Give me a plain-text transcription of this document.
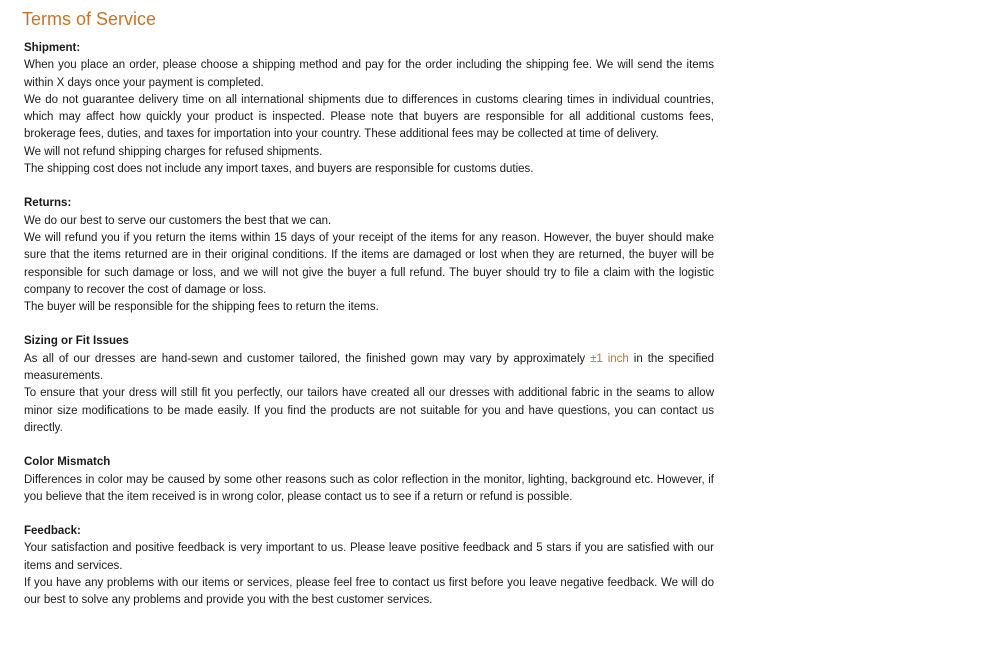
Terms of Service

Shipment:

When you place an order, please choose a shipping method and pay for the order including the shipping fee. We will send the items within X days once your payment is completed.

We do not guarantee delivery time on all international shipments due to differences in customs clearing times in individual countries, which may affect how quickly your product is inspected. Please note that buyers are responsible for all additional customs fees, brokerage fees, duties, and taxes for importation into your country. These additional fees may be collected at time of delivery.

We will not refund shipping charges for refused shipments.

The shipping cost does not include any import taxes, and buyers are responsible for customs duties.

Returns:

We do our best to serve our customers the best that we can.

We will refund you if you return the items within 15 days of your receipt of the items for any reason. However, the buyer should make sure that the items returned are in their original conditions. If the items are damaged or lost when they are returned, the buyer will be responsible for such damage or loss, and we will not give the buyer a full refund. The buyer should try to file a claim with the logistic company to recover the cost of damage or loss.

The buyer will be responsible for the shipping fees to return the items.

Sizing or Fit Issues

As all of our dresses are hand-sewn and customer tailored, the finished gown may vary by approximately ±1 inch in the specified measurements.

To ensure that your dress will still fit you perfectly, our tailors have created all our dresses with additional fabric in the seams to allow minor size modifications to be made easily. If you find the products are not suitable for you and have questions, you can contact us directly.

Color Mismatch

Differences in color may be caused by some other reasons such as color reflection in the monitor, lighting, background etc. However, if you believe that the item received is in wrong color, please contact us to see if a return or refund is possible.

Feedback:

Your satisfaction and positive feedback is very important to us. Please leave positive feedback and 5 stars if you are satisfied with our items and services.

If you have any problems with our items or services, please feel free to contact us first before you leave negative feedback. We will do our best to solve any problems and provide you with the best customer services.
